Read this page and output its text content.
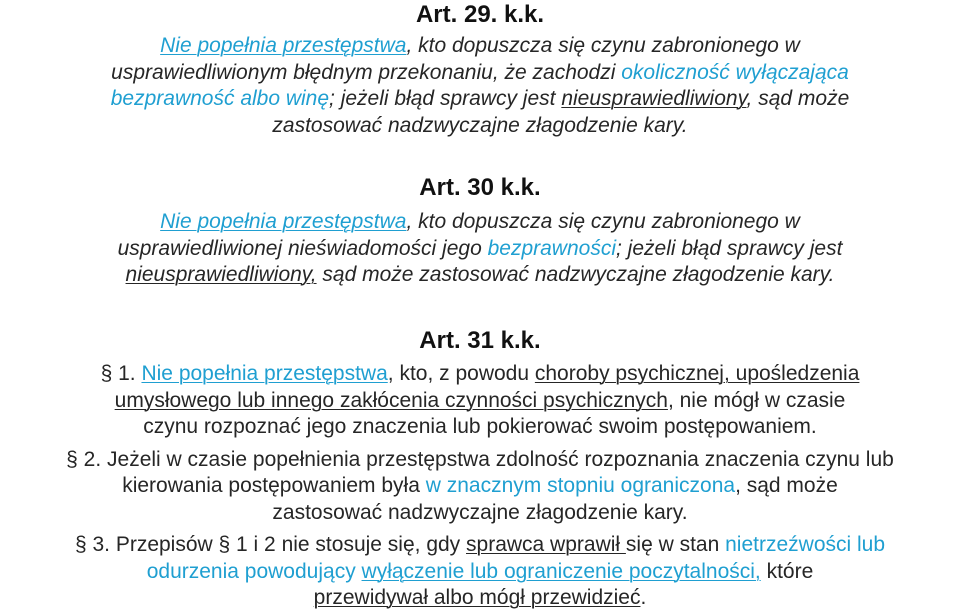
Art. 29. k.k.
Nie popełnia przestępstwa, kto dopuszcza się czynu zabronionego w
usprawiedliwionym błędnym przekonaniu, że zachodzi okoliczność wyłączająca
bezprawność albo winę; jeżeli błąd sprawcy jest nieusprawiedliwiony, sąd może
zastosować nadzwyczajne złagodzenie kary.
Art. 30 k.k.
Nie popełnia przestępstwa, kto dopuszcza się czynu zabronionego w
usprawiedliwionej nieświadomości jego bezprawności; jeżeli błąd sprawcy jest
nieusprawiedliwiony, sąd może zastosować nadzwyczajne złagodzenie kary.
Art. 31 k.k.
§ 1. Nie popełnia przestępstwa, kto, z powodu choroby psychicznej, upośledzenia
umysłowego lub innego zakłócenia czynności psychicznych, nie mógł w czasie
czynu rozpoznać jego znaczenia lub pokierować swoim postępowaniem.
§ 2. Jeżeli w czasie popełnienia przestępstwa zdolność rozpoznania znaczenia czynu lub
kierowania postępowaniem była w znacznym stopniu ograniczona, sąd może
zastosować nadzwyczajne złagodzenie kary.
§ 3. Przepisów § 1 i 2 nie stosuje się, gdy sprawca wprawił się w stan nietrzeźwości lub
odurzenia powodujący wyłączenie lub ograniczenie poczytalności, które
przewidywał albo mógł przewidzieć.
